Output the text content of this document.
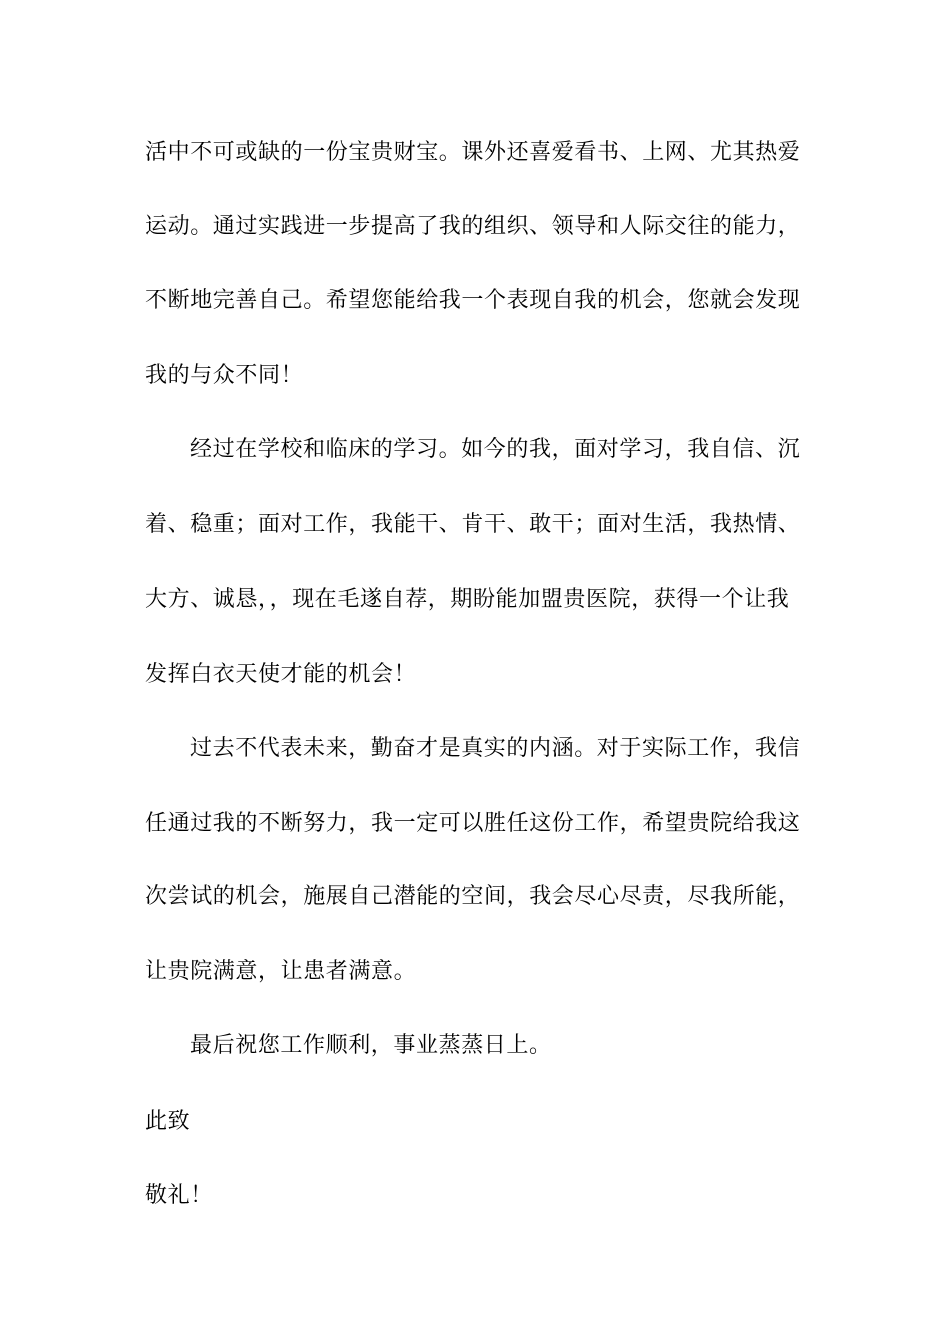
活中不可或缺的一份宝贵财宝。课外还喜爱看书、上网、尤其热爱
运动。通过实践进一步提高了我的组织、领导和人际交往的能力，
不断地完善自己。希望您能给我一个表现自我的机会，您就会发现
我的与众不同！
经过在学校和临床的学习。如今的我，面对学习，我自信、沉
着、稳重；面对工作，我能干、肯干、敢干；面对生活，我热情、
大方、诚恳，，现在毛遂自荐，期盼能加盟贵医院，获得一个让我
发挥白衣天使才能的机会！
过去不代表未来，勤奋才是真实的内涵。对于实际工作，我信
任通过我的不断努力，我一定可以胜任这份工作，希望贵院给我这
次尝试的机会，施展自己潜能的空间，我会尽心尽责，尽我所能，
让贵院满意，让患者满意。
最后祝您工作顺利，事业蒸蒸日上。
此致
敬礼！
